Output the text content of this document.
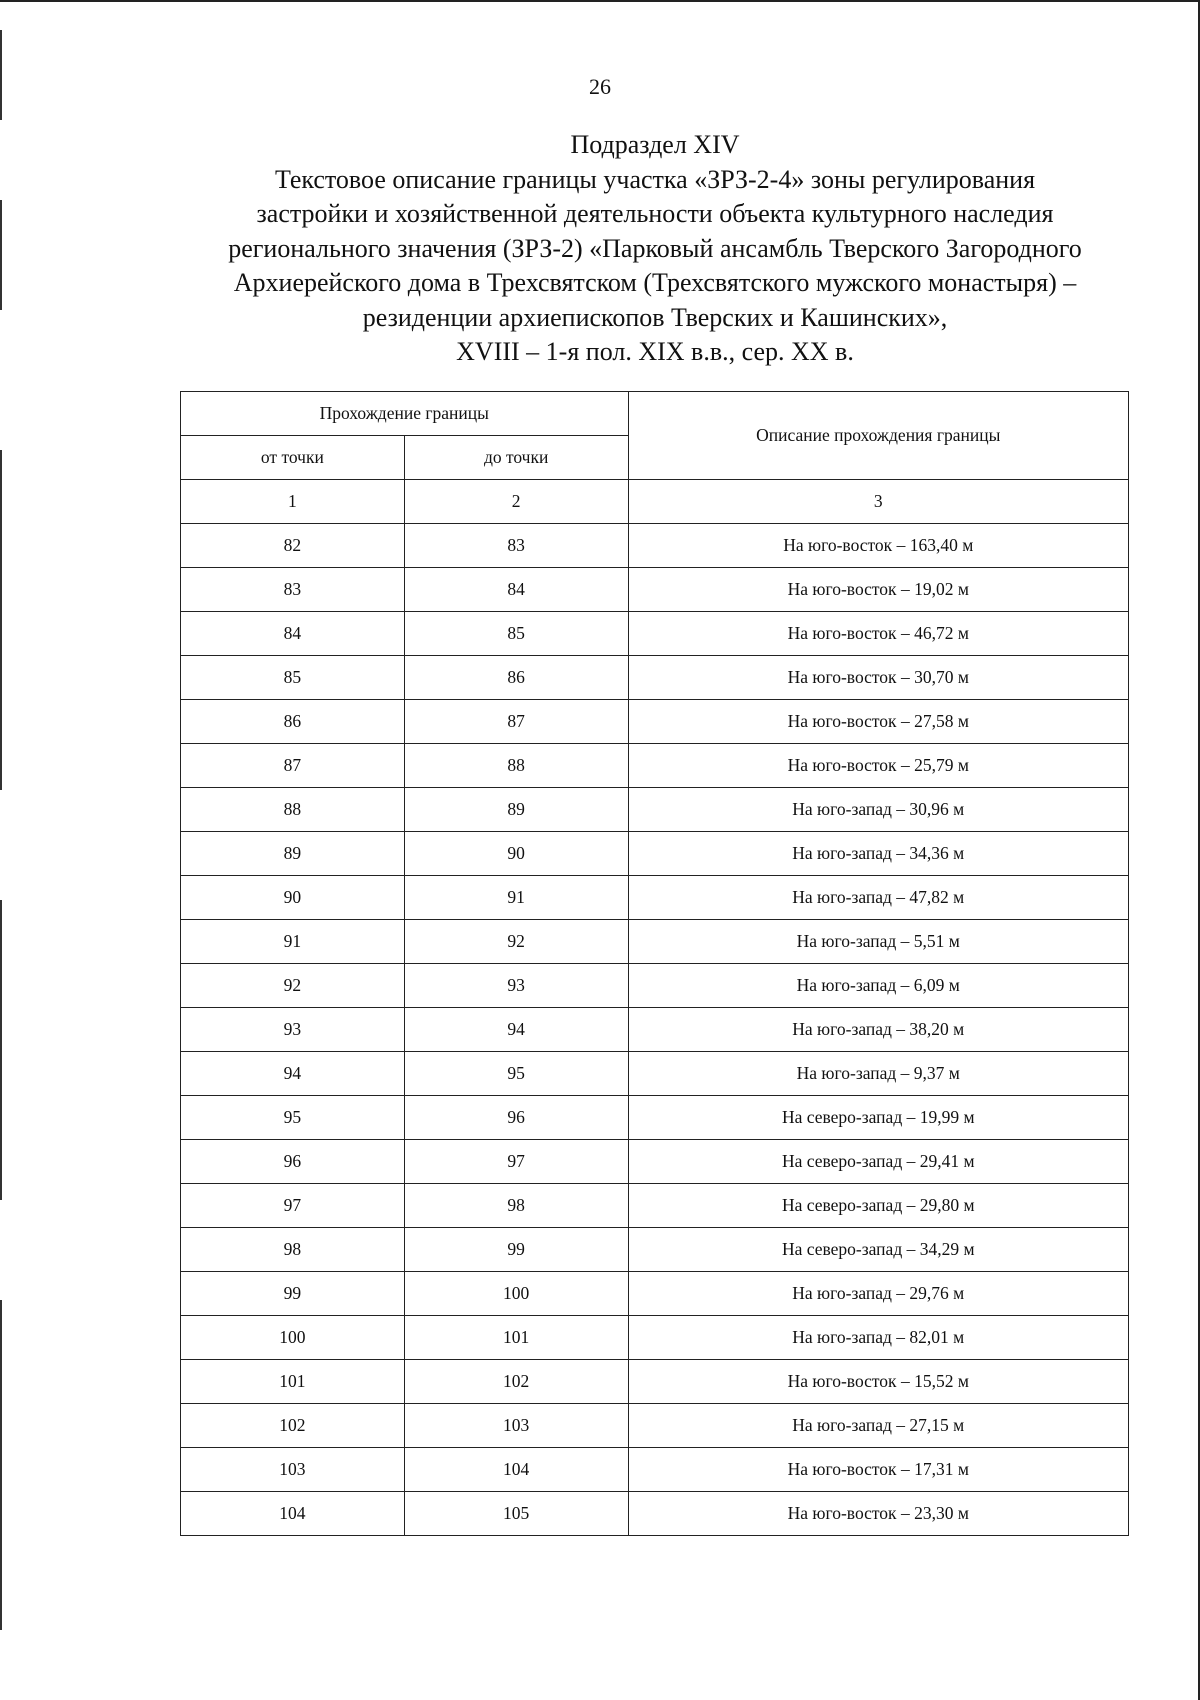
26
Подраздел XIV
Текстовое описание границы участка «ЗРЗ-2-4» зоны регулирования
застройки и хозяйственной деятельности объекта культурного наследия
регионального значения (ЗРЗ-2) «Парковый ансамбль Тверского Загородного
Архиерейского дома в Трехсвятском (Трехсвятского мужского монастыря) –
резиденции архиепископов Тверских и Кашинских»,
XVIII – 1-я пол. XIX в.в., сер. XX в.
Прохождение границы		Описание прохождения границы
от точки	до точки	
1	2	3
82	83	На юго-восток – 163,40 м
83	84	На юго-восток – 19,02 м
84	85	На юго-восток – 46,72 м
85	86	На юго-восток – 30,70 м
86	87	На юго-восток – 27,58 м
87	88	На юго-восток – 25,79 м
88	89	На юго-запад – 30,96 м
89	90	На юго-запад – 34,36 м
90	91	На юго-запад – 47,82 м
91	92	На юго-запад – 5,51 м
92	93	На юго-запад – 6,09 м
93	94	На юго-запад – 38,20 м
94	95	На юго-запад – 9,37 м
95	96	На северо-запад – 19,99 м
96	97	На северо-запад – 29,41 м
97	98	На северо-запад – 29,80 м
98	99	На северо-запад – 34,29 м
99	100	На юго-запад – 29,76 м
100	101	На юго-запад – 82,01 м
101	102	На юго-восток – 15,52 м
102	103	На юго-запад – 27,15 м
103	104	На юго-восток – 17,31 м
104	105	На юго-восток – 23,30 м
